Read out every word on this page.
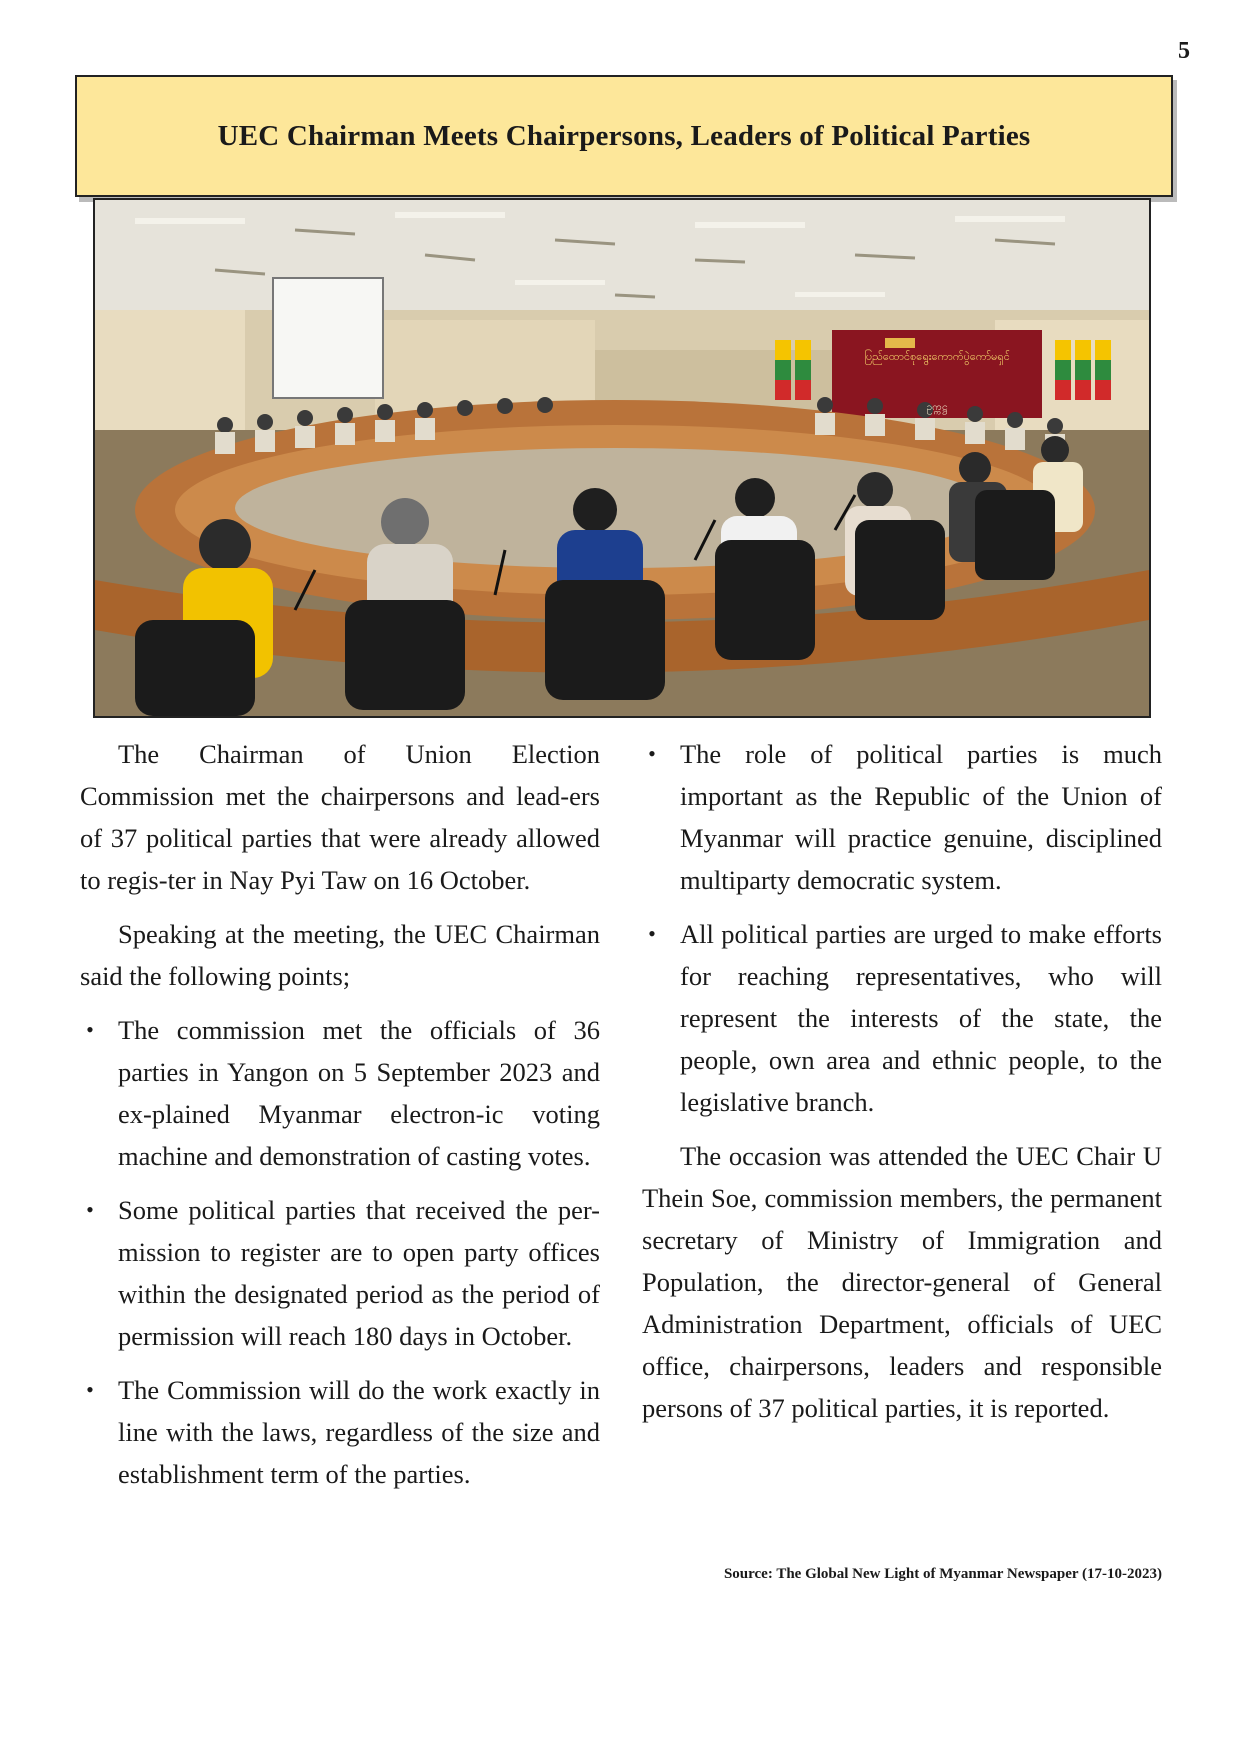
5
UEC Chairman Meets Chairpersons, Leaders of Political Parties
ပြည်ထောင်စုရွေးကောက်ပွဲကော်မရှင်
ဥက္ကဋ္ဌ

The Chairman of Union Election Commission met the chairpersons and lead-ers of 37 political parties that were already allowed to regis-ter in Nay Pyi Taw on 16 October.

Speaking at the meeting, the UEC Chairman said the following points;

• The commission met the officials of 36 parties in Yangon on 5 September 2023 and ex-plained Myanmar electron-ic voting machine and demonstration of casting votes.
• Some political parties that received the per-mission to register are to open party offices within the designated period as the period of permission will reach 180 days in October.
• The Commission will do the work exactly in line with the laws, regardless of the size and establishment term of the parties.
• The role of political parties is much important as the Republic of the Union of Myanmar will practice genuine, disciplined multiparty democratic system.
• All political parties are urged to make efforts for reaching representatives, who will represent the interests of the state, the people, own area and ethnic people, to the legislative branch.

The occasion was attended the UEC Chair U Thein Soe, commission members, the permanent secretary of Ministry of Immigration and Population, the director-general of General Administration Department, officials of UEC office, chairpersons, leaders and responsible persons of 37 political parties, it is reported.

Source: The Global New Light of Myanmar Newspaper (17-10-2023)
